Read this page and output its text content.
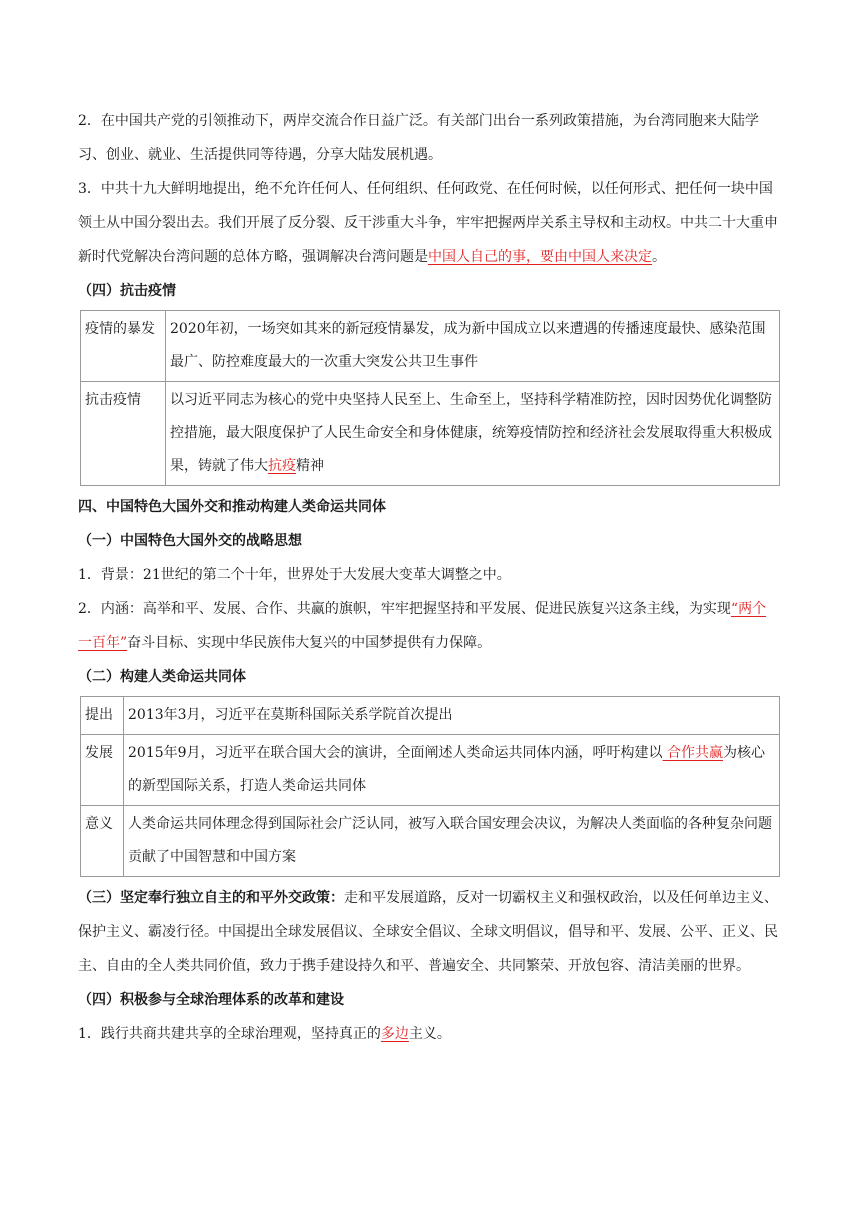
2．在中国共产党的引领推动下，两岸交流合作日益广泛。有关部门出台一系列政策措施，为台湾同胞来大陆学习、创业、就业、生活提供同等待遇，分享大陆发展机遇。

3．中共十九大鲜明地提出，绝不允许任何人、任何组织、任何政党、在任何时候，以任何形式、把任何一块中国领土从中国分裂出去。我们开展了反分裂、反干涉重大斗争，牢牢把握两岸关系主导权和主动权。中共二十大重申新时代党解决台湾问题的总体方略，强调解决台湾问题是中国人自己的事，要由中国人来决定。

（四）抗击疫情

疫情的暴发	2020年初，一场突如其来的新冠疫情暴发，成为新中国成立以来遭遇的传播速度最快、感染范围最广、防控难度最大的一次重大突发公共卫生事件
抗击疫情	以习近平同志为核心的党中央坚持人民至上、生命至上，坚持科学精准防控，因时因势优化调整防控措施，最大限度保护了人民生命安全和身体健康，统筹疫情防控和经济社会发展取得重大积极成果，铸就了伟大抗疫精神

四、中国特色大国外交和推动构建人类命运共同体

（一）中国特色大国外交的战略思想

1．背景：21世纪的第二个十年，世界处于大发展大变革大调整之中。

2．内涵：高举和平、发展、合作、共赢的旗帜，牢牢把握坚持和平发展、促进民族复兴这条主线，为实现“两个一百年”奋斗目标、实现中华民族伟大复兴的中国梦提供有力保障。

（二）构建人类命运共同体

提出	2013年3月，习近平在莫斯科国际关系学院首次提出
发展	2015年9月，习近平在联合国大会的演讲，全面阐述人类命运共同体内涵，呼吁构建以 合作共赢为核心的新型国际关系，打造人类命运共同体
意义	人类命运共同体理念得到国际社会广泛认同，被写入联合国安理会决议，为解决人类面临的各种复杂问题贡献了中国智慧和中国方案

（三）坚定奉行独立自主的和平外交政策：走和平发展道路，反对一切霸权主义和强权政治，以及任何单边主义、保护主义、霸凌行径。中国提出全球发展倡议、全球安全倡议、全球文明倡议，倡导和平、发展、公平、正义、民主、自由的全人类共同价值，致力于携手建设持久和平、普遍安全、共同繁荣、开放包容、清洁美丽的世界。

（四）积极参与全球治理体系的改革和建设

1．践行共商共建共享的全球治理观，坚持真正的多边主义。
